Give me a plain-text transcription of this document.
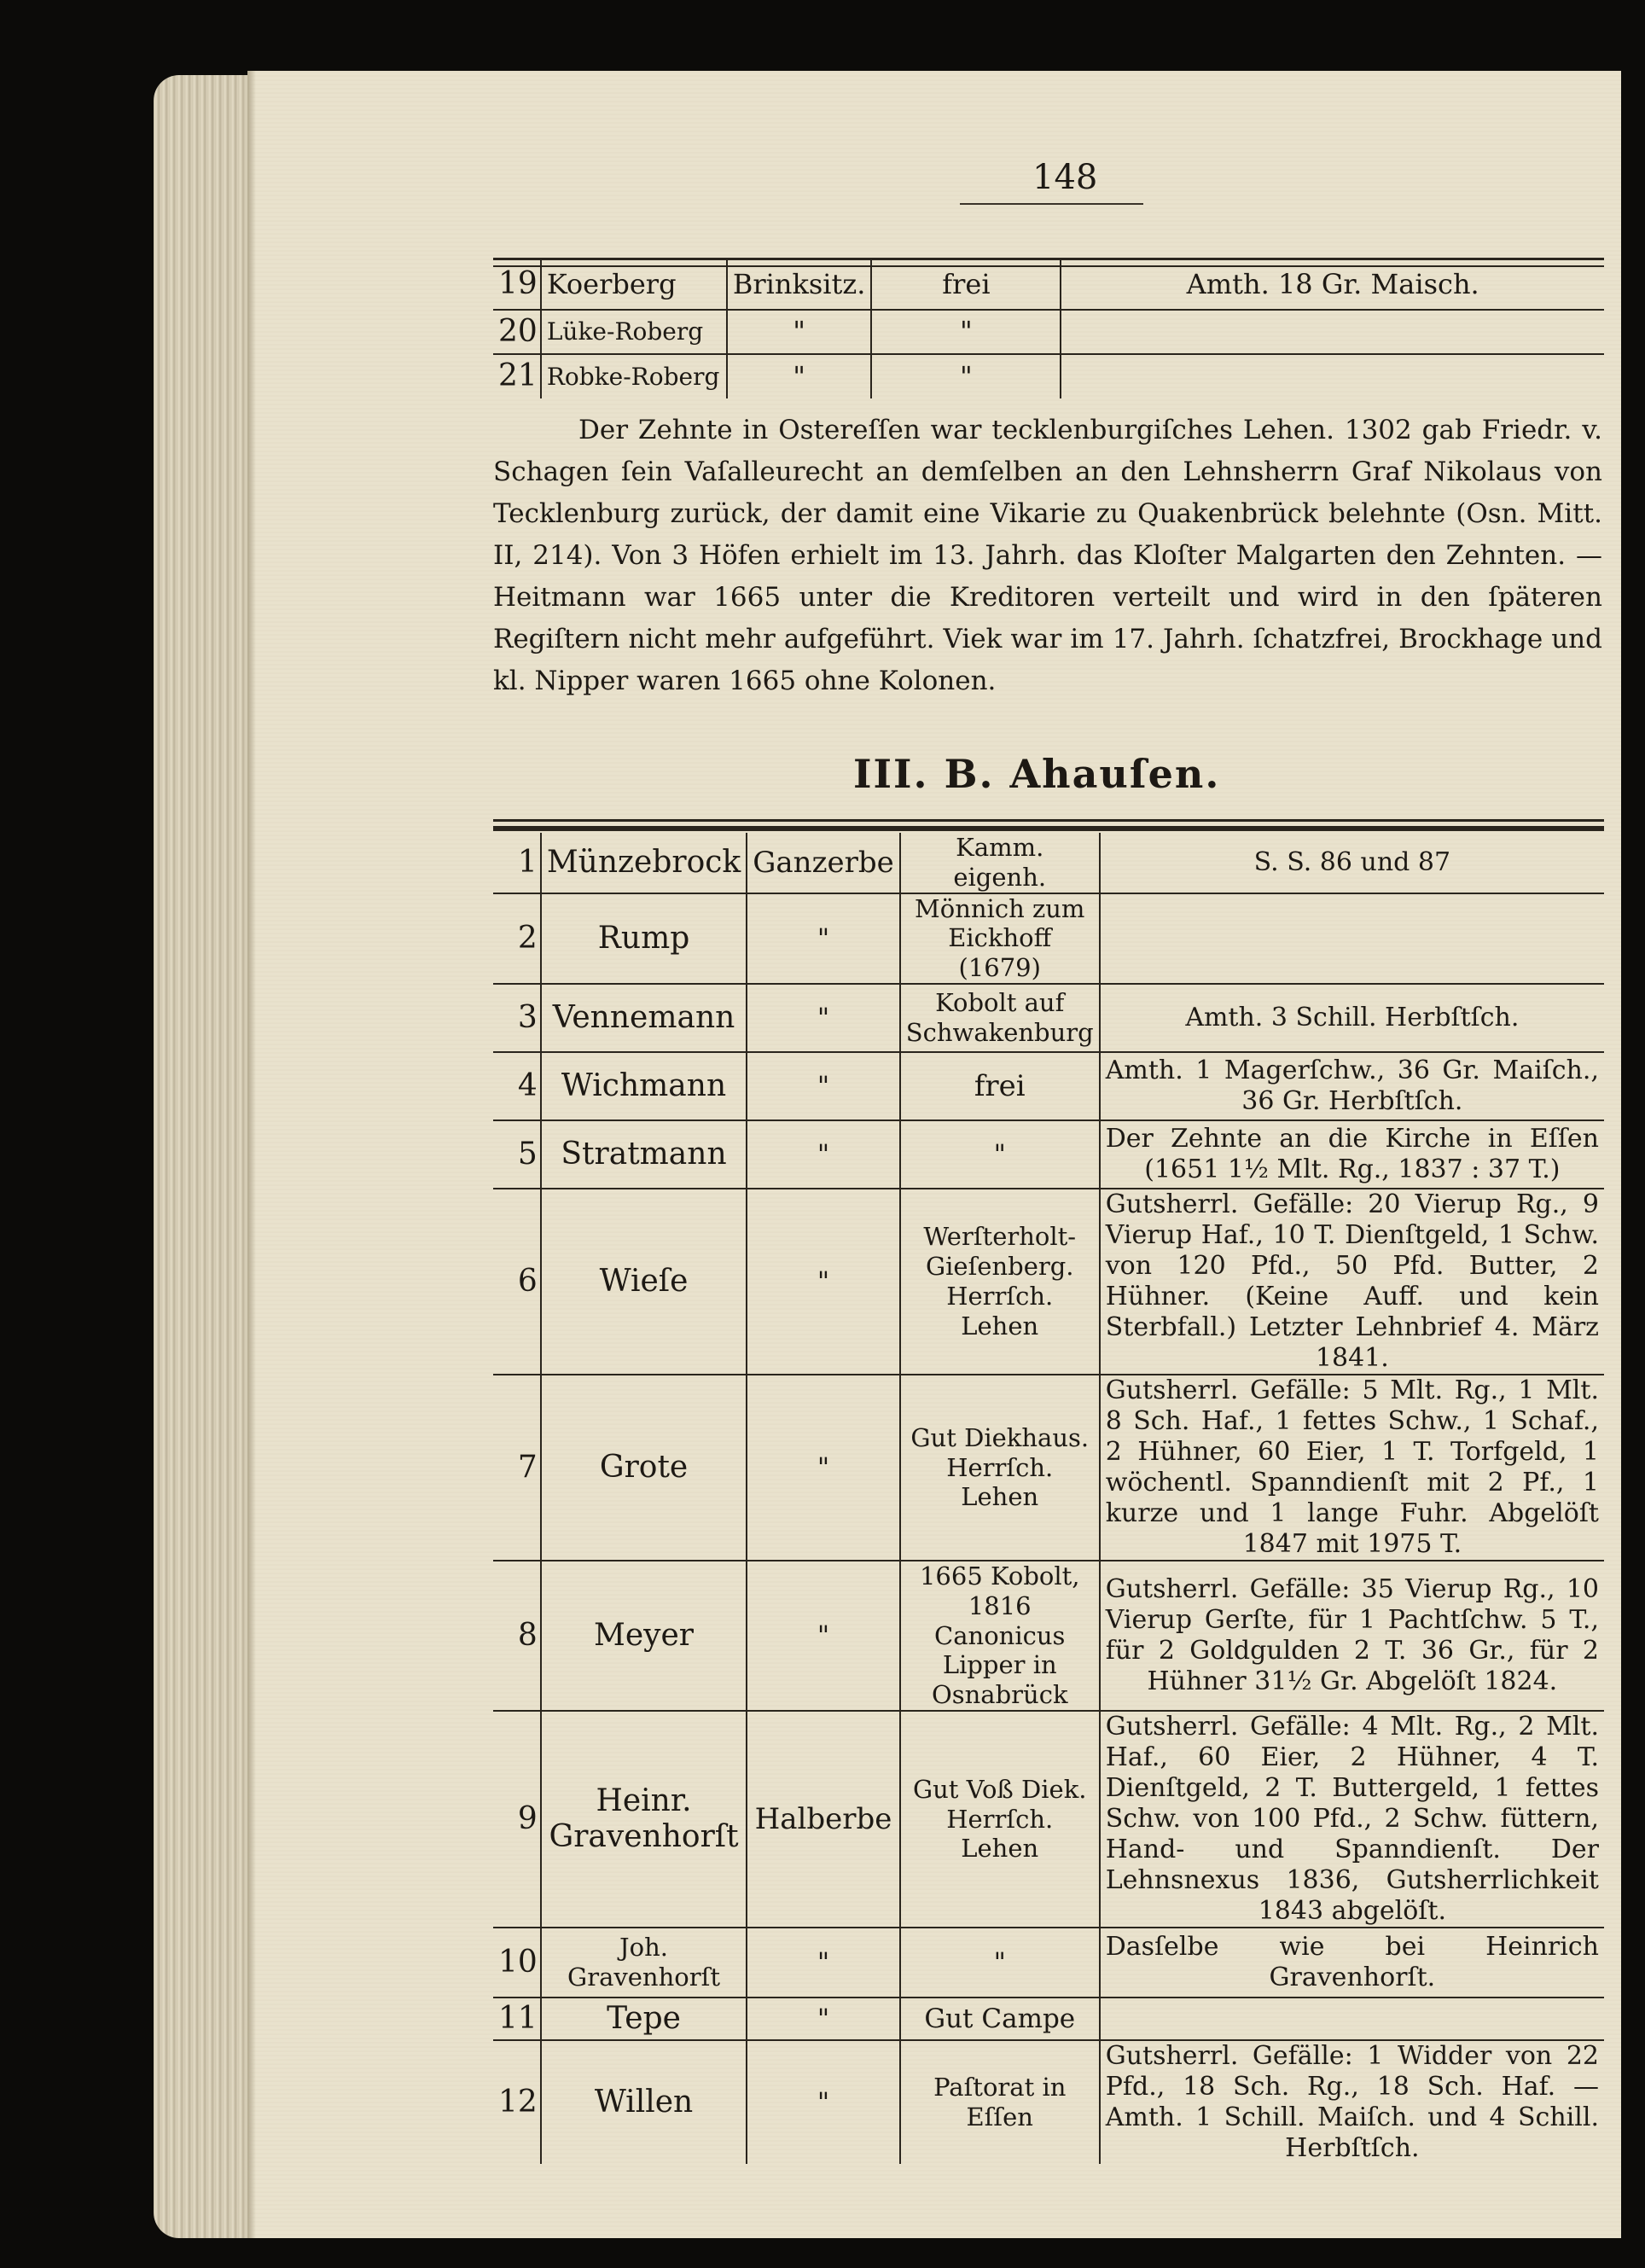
148
19	Koerberg	Brinksitz.	frei	Amth. 18 Gr. Maisch.
20	Lüke-Roberg	"	"	
21	Robke-Roberg	"	"	

Der Zehnte in Ostereſſen war tecklenburgiſches Lehen. 1302 gab Friedr. v. Schagen ſein Vaſalleurecht an demſelben an den Lehnsherrn Graf Nikolaus von Tecklenburg zurück, der damit eine Vikarie zu Quakenbrück belehnte (Osn. Mitt. II, 214). Von 3 Höfen erhielt im 13. Jahrh. das Kloſter Malgarten den Zehnten. — Heitmann war 1665 unter die Kreditoren verteilt und wird in den ſpäteren Regiſtern nicht mehr aufgeführt. Viek war im 17. Jahrh. ſchatzfrei, Brockhage und kl. Nipper waren 1665 ohne Kolonen.

III. B. Ahauſen.
1	Münzebrock	Ganzerbe	Kamm. eigenh.	S. S. 86 und 87
2	Rump	"	Mönnich zum Eickhoff (1679)	
3	Vennemann	"	Kobolt auf Schwakenburg	Amth. 3 Schill. Herbſtſch.
4	Wichmann	"	frei	Amth. 1 Magerſchw., 36 Gr. Maiſch., 36 Gr. Herbſtſch.
5	Stratmann	"	"	Der Zehnte an die Kirche in Eſſen (1651 1½ Mlt. Rg., 1837 : 37 T.)
6	Wieſe	"	Werſterholt-Gieſenberg. Herrſch. Lehen	Gutsherrl. Gefälle: 20 Vierup Rg., 9 Vierup Haf., 10 T. Dienſtgeld, 1 Schw. von 120 Pfd., 50 Pfd. Butter, 2 Hühner. (Keine Auff. und kein Sterbfall.) Letzter Lehnbrief 4. März 1841.
7	Grote	"	Gut Diekhaus. Herrſch. Lehen	Gutsherrl. Gefälle: 5 Mlt. Rg., 1 Mlt. 8 Sch. Haf., 1 fettes Schw., 1 Schaf., 2 Hühner, 60 Eier, 1 T. Torfgeld, 1 wöchentl. Spanndienſt mit 2 Pf., 1 kurze und 1 lange Fuhr. Abgelöſt 1847 mit 1975 T.
8	Meyer	"	1665 Kobolt, 1816 Canonicus Lipper in Osnabrück	Gutsherrl. Gefälle: 35 Vierup Rg., 10 Vierup Gerſte, für 1 Pachtſchw. 5 T., für 2 Goldgulden 2 T. 36 Gr., für 2 Hühner 31½ Gr. Abgelöſt 1824.
9	Heinr. Gravenhorſt	Halberbe	Gut Voß Diek. Herrſch. Lehen	Gutsherrl. Gefälle: 4 Mlt. Rg., 2 Mlt. Haf., 60 Eier, 2 Hühner, 4 T. Dienſtgeld, 2 T. Buttergeld, 1 fettes Schw. von 100 Pfd., 2 Schw. füttern, Hand- und Spanndienſt. Der Lehnsnexus 1836, Gutsherrlichkeit 1843 abgelöſt.
10	Joh. Gravenhorſt	"	"	Dasſelbe wie bei Heinrich Gravenhorſt.
11	Tepe	"	Gut Campe	
12	Willen	"	Paſtorat in Eſſen	Gutsherrl. Gefälle: 1 Widder von 22 Pfd., 18 Sch. Rg., 18 Sch. Haf. — Amth. 1 Schill. Maiſch. und 4 Schill. Herbſtſch.
